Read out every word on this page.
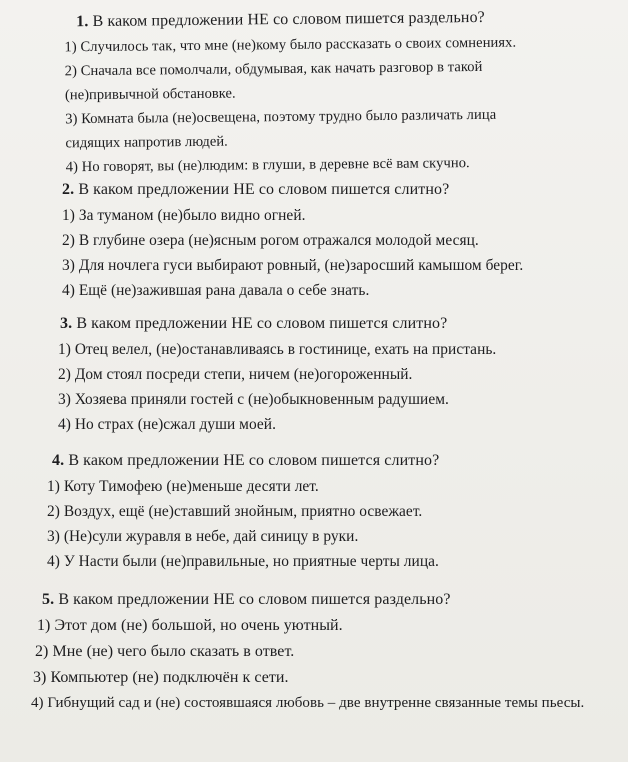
1. В каком предложении НЕ со словом пишется раздельно?
1) Случилось так, что мне (не)кому было рассказать о своих сомнениях.
2) Сначала все помолчали, обдумывая, как начать разговор в такой
(не)привычной обстановке.
3) Комната была (не)освещена, поэтому трудно было различать лица
сидящих напротив людей.
4) Но говорят, вы (не)людим: в глуши, в деревне всё вам скучно.
2. В каком предложении НЕ со словом пишется слитно?
1) За туманом (не)было видно огней.
2) В глубине озера (не)ясным рогом отражался молодой месяц.
3) Для ночлега гуси выбирают ровный, (не)заросший камышом берег.
4) Ещё (не)зажившая рана давала о себе знать.
3. В каком предложении НЕ со словом пишется слитно?
1) Отец велел, (не)останавливаясь в гостинице, ехать на пристань.
2) Дом стоял посреди степи, ничем (не)огороженный.
3) Хозяева приняли гостей с (не)обыкновенным радушием.
4) Но страх (не)сжал души моей.
4. В каком предложении НЕ со словом пишется слитно?
1) Коту Тимофею (не)меньше десяти лет.
2) Воздух, ещё (не)ставший знойным, приятно освежает.
3) (Не)сули журавля в небе, дай синицу в руки.
4) У Насти были (не)правильные, но приятные черты лица.
5. В каком предложении НЕ со словом пишется раздельно?
1) Этот дом (не) большой, но очень уютный.
2) Мне (не) чего было сказать в ответ.
3) Компьютер (не) подключён к сети.
4) Гибнущий сад и (не) состоявшаяся любовь – две внутренне связанные темы пьесы.
